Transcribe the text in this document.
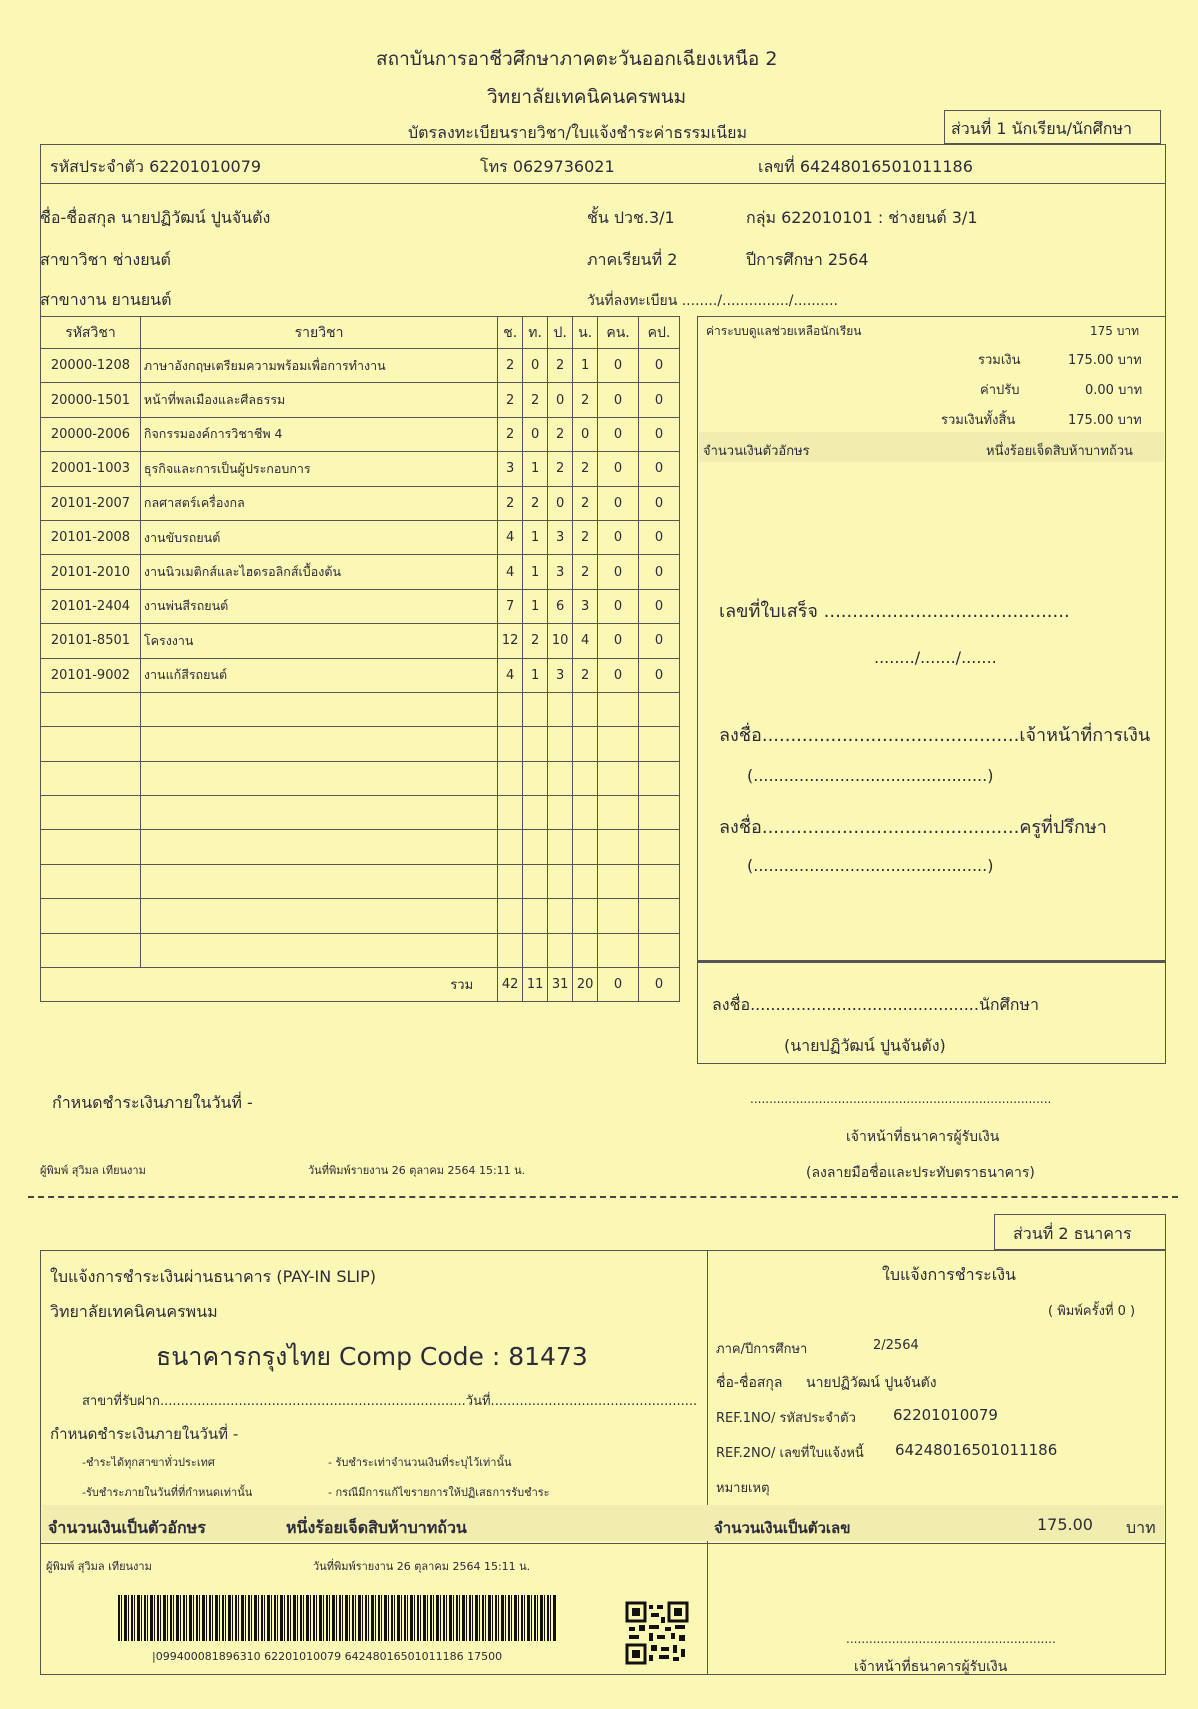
สถาบันการอาชีวศึกษาภาคตะวันออกเฉียงเหนือ 2
วิทยาลัยเทคนิคนครพนม
บัตรลงทะเบียนรายวิชา/ใบแจ้งชำระค่าธรรมเนียม	ส่วนที่ 1 นักเรียน/นักศึกษา
รหัสประจำตัว 62201010079	โทร 0629736021	เลขที่ 64248016501011186
ชื่อ-ชื่อสกุล นายปฏิวัฒน์ ปูนจันตัง	ชั้น ปวช.3/1	กลุ่ม 622010101 : ช่างยนต์ 3/1
สาขาวิชา ช่างยนต์	ภาคเรียนที่ 2	ปีการศึกษา 2564
สาขางาน ยานยนต์	วันที่ลงทะเบียน ......../.............../..........
รหัสวิชา	รายวิชา	ช.	ท.	ป.	น.	คน.	คป.
20000-1208	ภาษาอังกฤษเตรียมความพร้อมเพื่อการทำงาน	2	0	2	1	0	0
20000-1501	หน้าที่พลเมืองและศีลธรรม	2	2	0	2	0	0
20000-2006	กิจกรรมองค์การวิชาชีพ 4	2	0	2	0	0	0
20001-1003	ธุรกิจและการเป็นผู้ประกอบการ	3	1	2	2	0	0
20101-2007	กลศาสตร์เครื่องกล	2	2	0	2	0	0
20101-2008	งานขับรถยนต์	4	1	3	2	0	0
20101-2010	งานนิวเมติกส์และไฮดรอลิกส์เบื้องต้น	4	1	3	2	0	0
20101-2404	งานพ่นสีรถยนต์	7	1	6	3	0	0
20101-8501	โครงงาน	12	2	10	4	0	0
20101-9002	งานแก้สีรถยนต์	4	1	3	2	0	0

รวม		42	11	31	20	0	0
ค่าระบบดูแลช่วยเหลือนักเรียน	175 บาท
รวมเงิน	175.00 บาท
ค่าปรับ	0.00 บาท
รวมเงินทั้งสิ้น	175.00 บาท
จำนวนเงินตัวอักษร	หนึ่งร้อยเจ็ดสิบห้าบาทถ้วน
เลขที่ใบเสร็จ ...........................................
......../......./.......
ลงชื่อ.............................................เจ้าหน้าที่การเงิน
(..............................................)
ลงชื่อ.............................................ครูที่ปรึกษา
(..............................................)
ลงชื่อ.............................................นักศึกษา
(นายปฏิวัฒน์ ปูนจันตัง)
กำหนดชำระเงินภายในวันที่ -	...............................................................................
เจ้าหน้าที่ธนาคารผู้รับเงิน
(ลงลายมือชื่อและประทับตราธนาคาร)
ผู้พิมพ์ สุวิมล เทียนงาม	วันที่พิมพ์รายงาน 26 ตุลาคม 2564 15:11 น.
ส่วนที่ 2 ธนาคาร
ใบแจ้งการชำระเงินผ่านธนาคาร (PAY-IN SLIP)
วิทยาลัยเทคนิคนครพนม
ธนาคารกรุงไทย Comp Code : 81473
สาขาที่รับฝาก..........................................................................วันที่..................................................
กำหนดชำระเงินภายในวันที่ -
-ชำระได้ทุกสาขาทั่วประเทศ	- รับชำระเท่าจำนวนเงินที่ระบุไว้เท่านั้น
-รับชำระภายในวันที่ที่กำหนดเท่านั้น	- กรณีมีการแก้ไขรายการให้ปฏิเสธการรับชำระ
จำนวนเงินเป็นตัวอักษร	หนึ่งร้อยเจ็ดสิบห้าบาทถ้วน
ผู้พิมพ์ สุวิมล เทียนงาม	วันที่พิมพ์รายงาน 26 ตุลาคม 2564 15:11 น.
|099400081896310 62201010079 64248016501011186 17500
ใบแจ้งการชำระเงิน
( พิมพ์ครั้งที่ 0 )
ภาค/ปีการศึกษา	2/2564
ชื่อ-ชื่อสกุล นายปฏิวัฒน์ ปูนจันตัง
REF.1NO/ รหัสประจำตัว 62201010079
REF.2NO/ เลขที่ใบแจ้งหนี้ 64248016501011186
หมายเหตุ
จำนวนเงินเป็นตัวเลข	175.00 บาท
.......................................................
เจ้าหน้าที่ธนาคารผู้รับเงิน
